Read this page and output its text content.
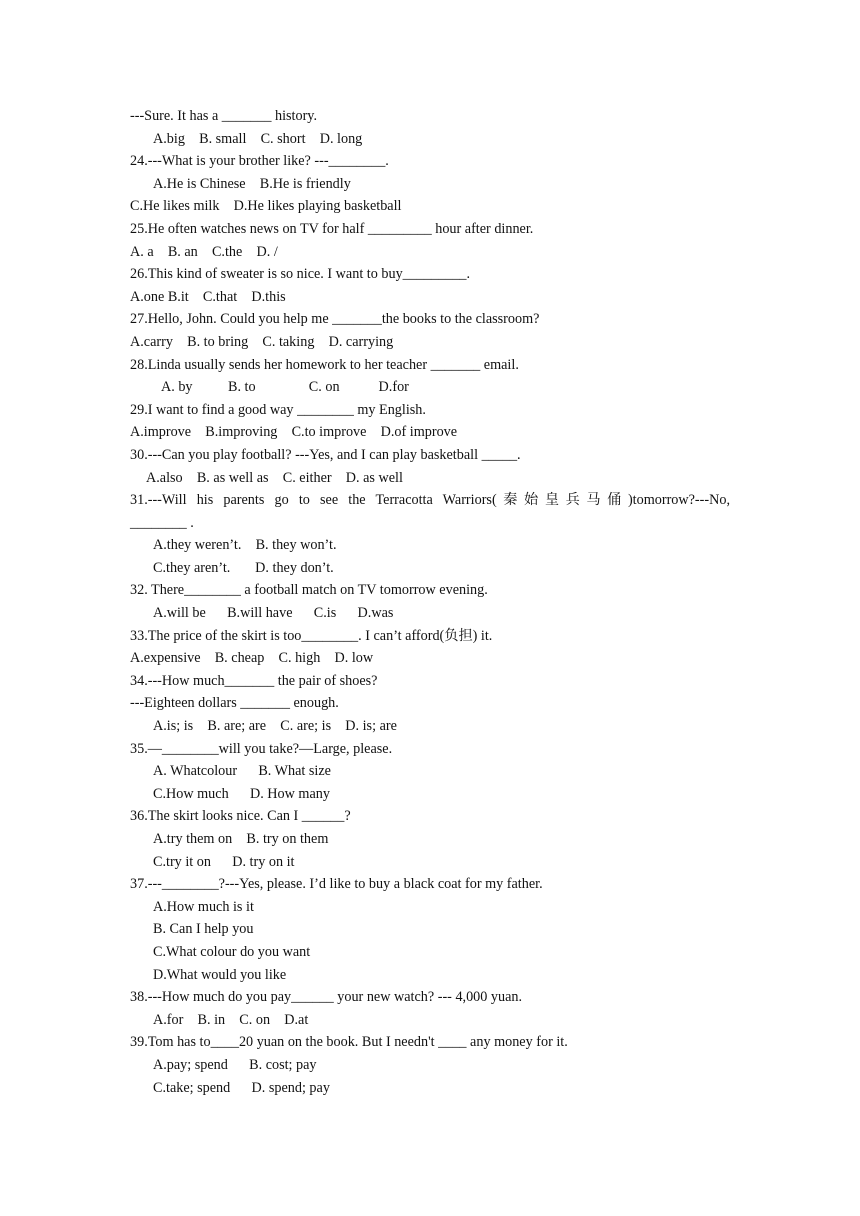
---Sure. It has a _______ history.
A.big    B. small    C. short    D. long
24.---What is your brother like? ---________.
A.He is Chinese    B.He is friendly
C.He likes milk    D.He likes playing basketball
25.He often watches news on TV for half _________ hour after dinner.
A. a    B. an    C.the    D. /
26.This kind of sweater is so nice. I want to buy_________.
A.one B.it    C.that    D.this
27.Hello, John. Could you help me _______the books to the classroom?
A.carry    B. to bring    C. taking    D. carrying
28.Linda usually sends her homework to her teacher _______ email.
A. by          B. to               C. on           D.for
29.I want to find a good way ________ my English.
A.improve    B.improving    C.to improve    D.of improve
30.---Can you play football? ---Yes, and I can play basketball _____.
A.also    B. as well as    C. either    D. as well
31.---Will his parents go to see the Terracotta Warriors(秦始皇兵马俑)tomorrow?---No,
________ .
A.they weren’t.    B. they won’t.
C.they aren’t.       D. they don’t.
32. There________ a football match on TV tomorrow evening.
A.will be      B.will have      C.is      D.was
33.The price of the skirt is too________. I can’t afford(负担) it.
A.expensive    B. cheap    C. high    D. low
34.---How much_______ the pair of shoes?
---Eighteen dollars _______ enough.
A.is; is    B. are; are    C. are; is    D. is; are
35.—________will you take?—Large, please.
A. Whatcolour      B. What size
C.How much      D. How many
36.The skirt looks nice. Can I ______?
A.try them on    B. try on them
C.try it on      D. try on it
37.---________?---Yes, please. I’d like to buy a black coat for my father.
A.How much is it
B. Can I help you
C.What colour do you want
D.What would you like
38.---How much do you pay______ your new watch? --- 4,000 yuan.
A.for    B. in    C. on    D.at
39.Tom has to____20 yuan on the book. But I needn't ____ any money for it.
A.pay; spend      B. cost; pay
C.take; spend      D. spend; pay
